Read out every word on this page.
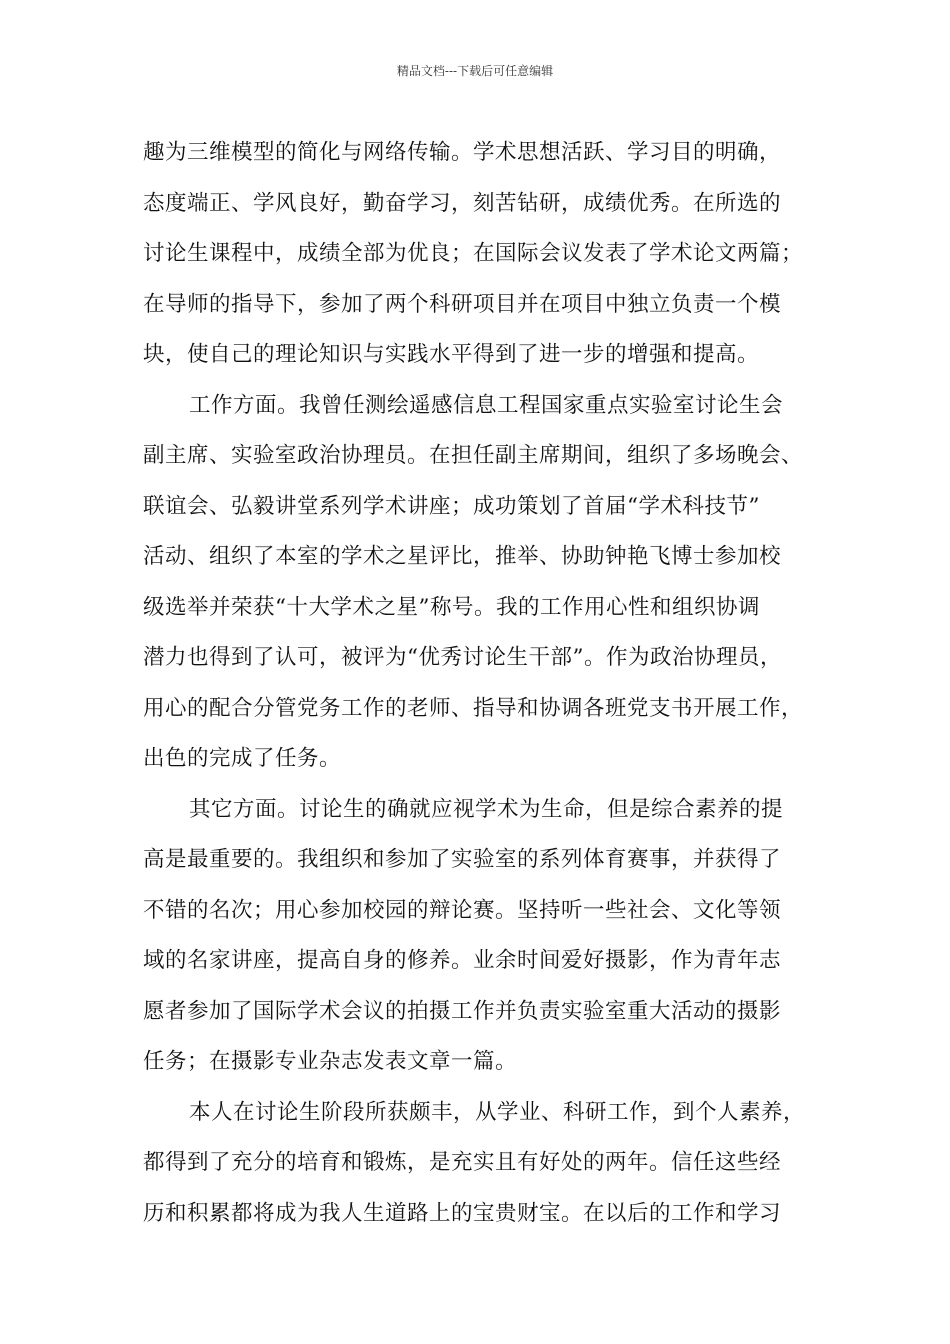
精品文档---下载后可任意编辑
趣为三维模型的简化与网络传输。学术思想活跃、学习目的明确，
态度端正、学风良好，勤奋学习，刻苦钻研，成绩优秀。在所选的
讨论生课程中，成绩全部为优良；在国际会议发表了学术论文两篇；
在导师的指导下，参加了两个科研项目并在项目中独立负责一个模
块，使自己的理论知识与实践水平得到了进一步的增强和提高。
工作方面。我曾任测绘遥感信息工程国家重点实验室讨论生会
副主席、实验室政治协理员。在担任副主席期间，组织了多场晚会、
联谊会、弘毅讲堂系列学术讲座；成功策划了首届“学术科技节”
活动、组织了本室的学术之星评比，推举、协助钟艳飞博士参加校
级选举并荣获“十大学术之星”称号。我的工作用心性和组织协调
潜力也得到了认可，被评为“优秀讨论生干部”。作为政治协理员，
用心的配合分管党务工作的老师、指导和协调各班党支书开展工作，
出色的完成了任务。
其它方面。讨论生的确就应视学术为生命，但是综合素养的提
高是最重要的。我组织和参加了实验室的系列体育赛事，并获得了
不错的名次；用心参加校园的辩论赛。坚持听一些社会、文化等领
域的名家讲座，提高自身的修养。业余时间爱好摄影，作为青年志
愿者参加了国际学术会议的拍摄工作并负责实验室重大活动的摄影
任务；在摄影专业杂志发表文章一篇。
本人在讨论生阶段所获颇丰，从学业、科研工作，到个人素养，
都得到了充分的培育和锻炼，是充实且有好处的两年。信任这些经
历和积累都将成为我人生道路上的宝贵财宝。在以后的工作和学习
